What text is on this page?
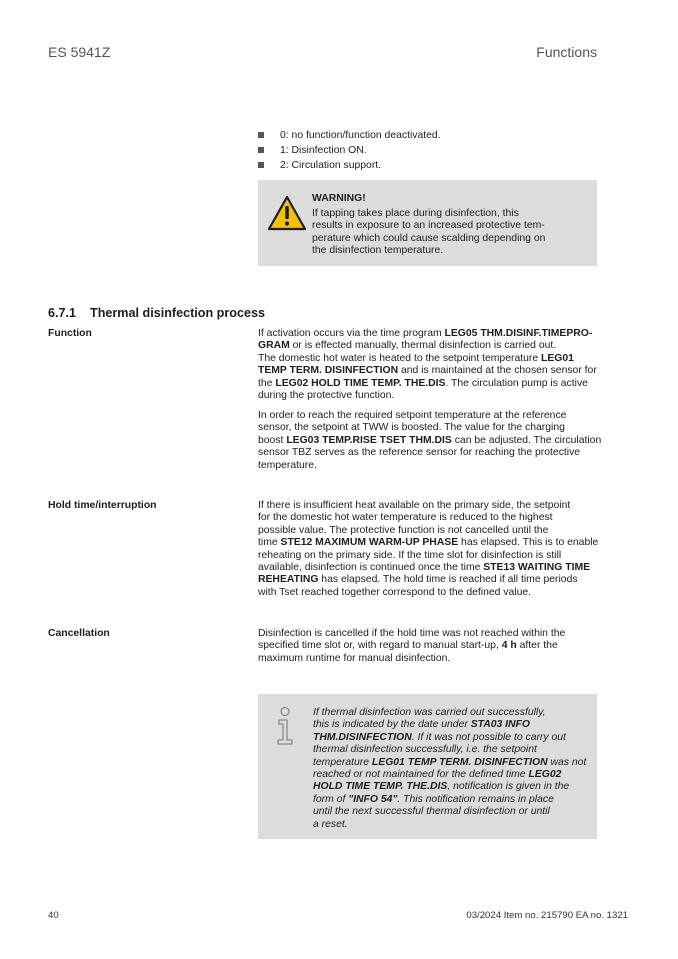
ES 5941Z	Functions
0: no function/function deactivated.
1: Disinfection ON.
2: Circulation support.
WARNING!
If tapping takes place during disinfection, this
results in exposure to an increased protective tem-
perature which could cause scalding depending on
the disinfection temperature.
6.7.1 Thermal disinfection process
Function
Hold time/interruption
Cancellation
If activation occurs via the time program LEG05 THM.DISINF.TIMEPRO-
GRAM or is effected manually, thermal disinfection is carried out.
The domestic hot water is heated to the setpoint temperature LEG01
TEMP TERM. DISINFECTION and is maintained at the chosen sensor for
the LEG02 HOLD TIME TEMP. THE.DIS. The circulation pump is active
during the protective function.
In order to reach the required setpoint temperature at the reference
sensor, the setpoint at TWW is boosted. The value for the charging
boost LEG03 TEMP.RISE TSET THM.DIS can be adjusted. The circulation
sensor TBZ serves as the reference sensor for reaching the protective
temperature.
If there is insufficient heat available on the primary side, the setpoint
for the domestic hot water temperature is reduced to the highest
possible value. The protective function is not cancelled until the
time STE12 MAXIMUM WARM-UP PHASE has elapsed. This is to enable
reheating on the primary side. If the time slot for disinfection is still
available, disinfection is continued once the time STE13 WAITING TIME
REHEATING has elapsed. The hold time is reached if all time periods
with Tset reached together correspond to the defined value.
Disinfection is cancelled if the hold time was not reached within the
specified time slot or, with regard to manual start-up, 4 h after the
maximum runtime for manual disinfection.
If thermal disinfection was carried out successfully,
this is indicated by the date under STA03 INFO
THM.DISINFECTION. If it was not possible to carry out
thermal disinfection successfully, i.e. the setpoint
temperature LEG01 TEMP TERM. DISINFECTION was not
reached or not maintained for the defined time LEG02
HOLD TIME TEMP. THE.DIS, notification is given in the
form of "INFO 54". This notification remains in place
until the next successful thermal disinfection or until
a reset.
40	03/2024 Item no. 215790 EA no. 1321
